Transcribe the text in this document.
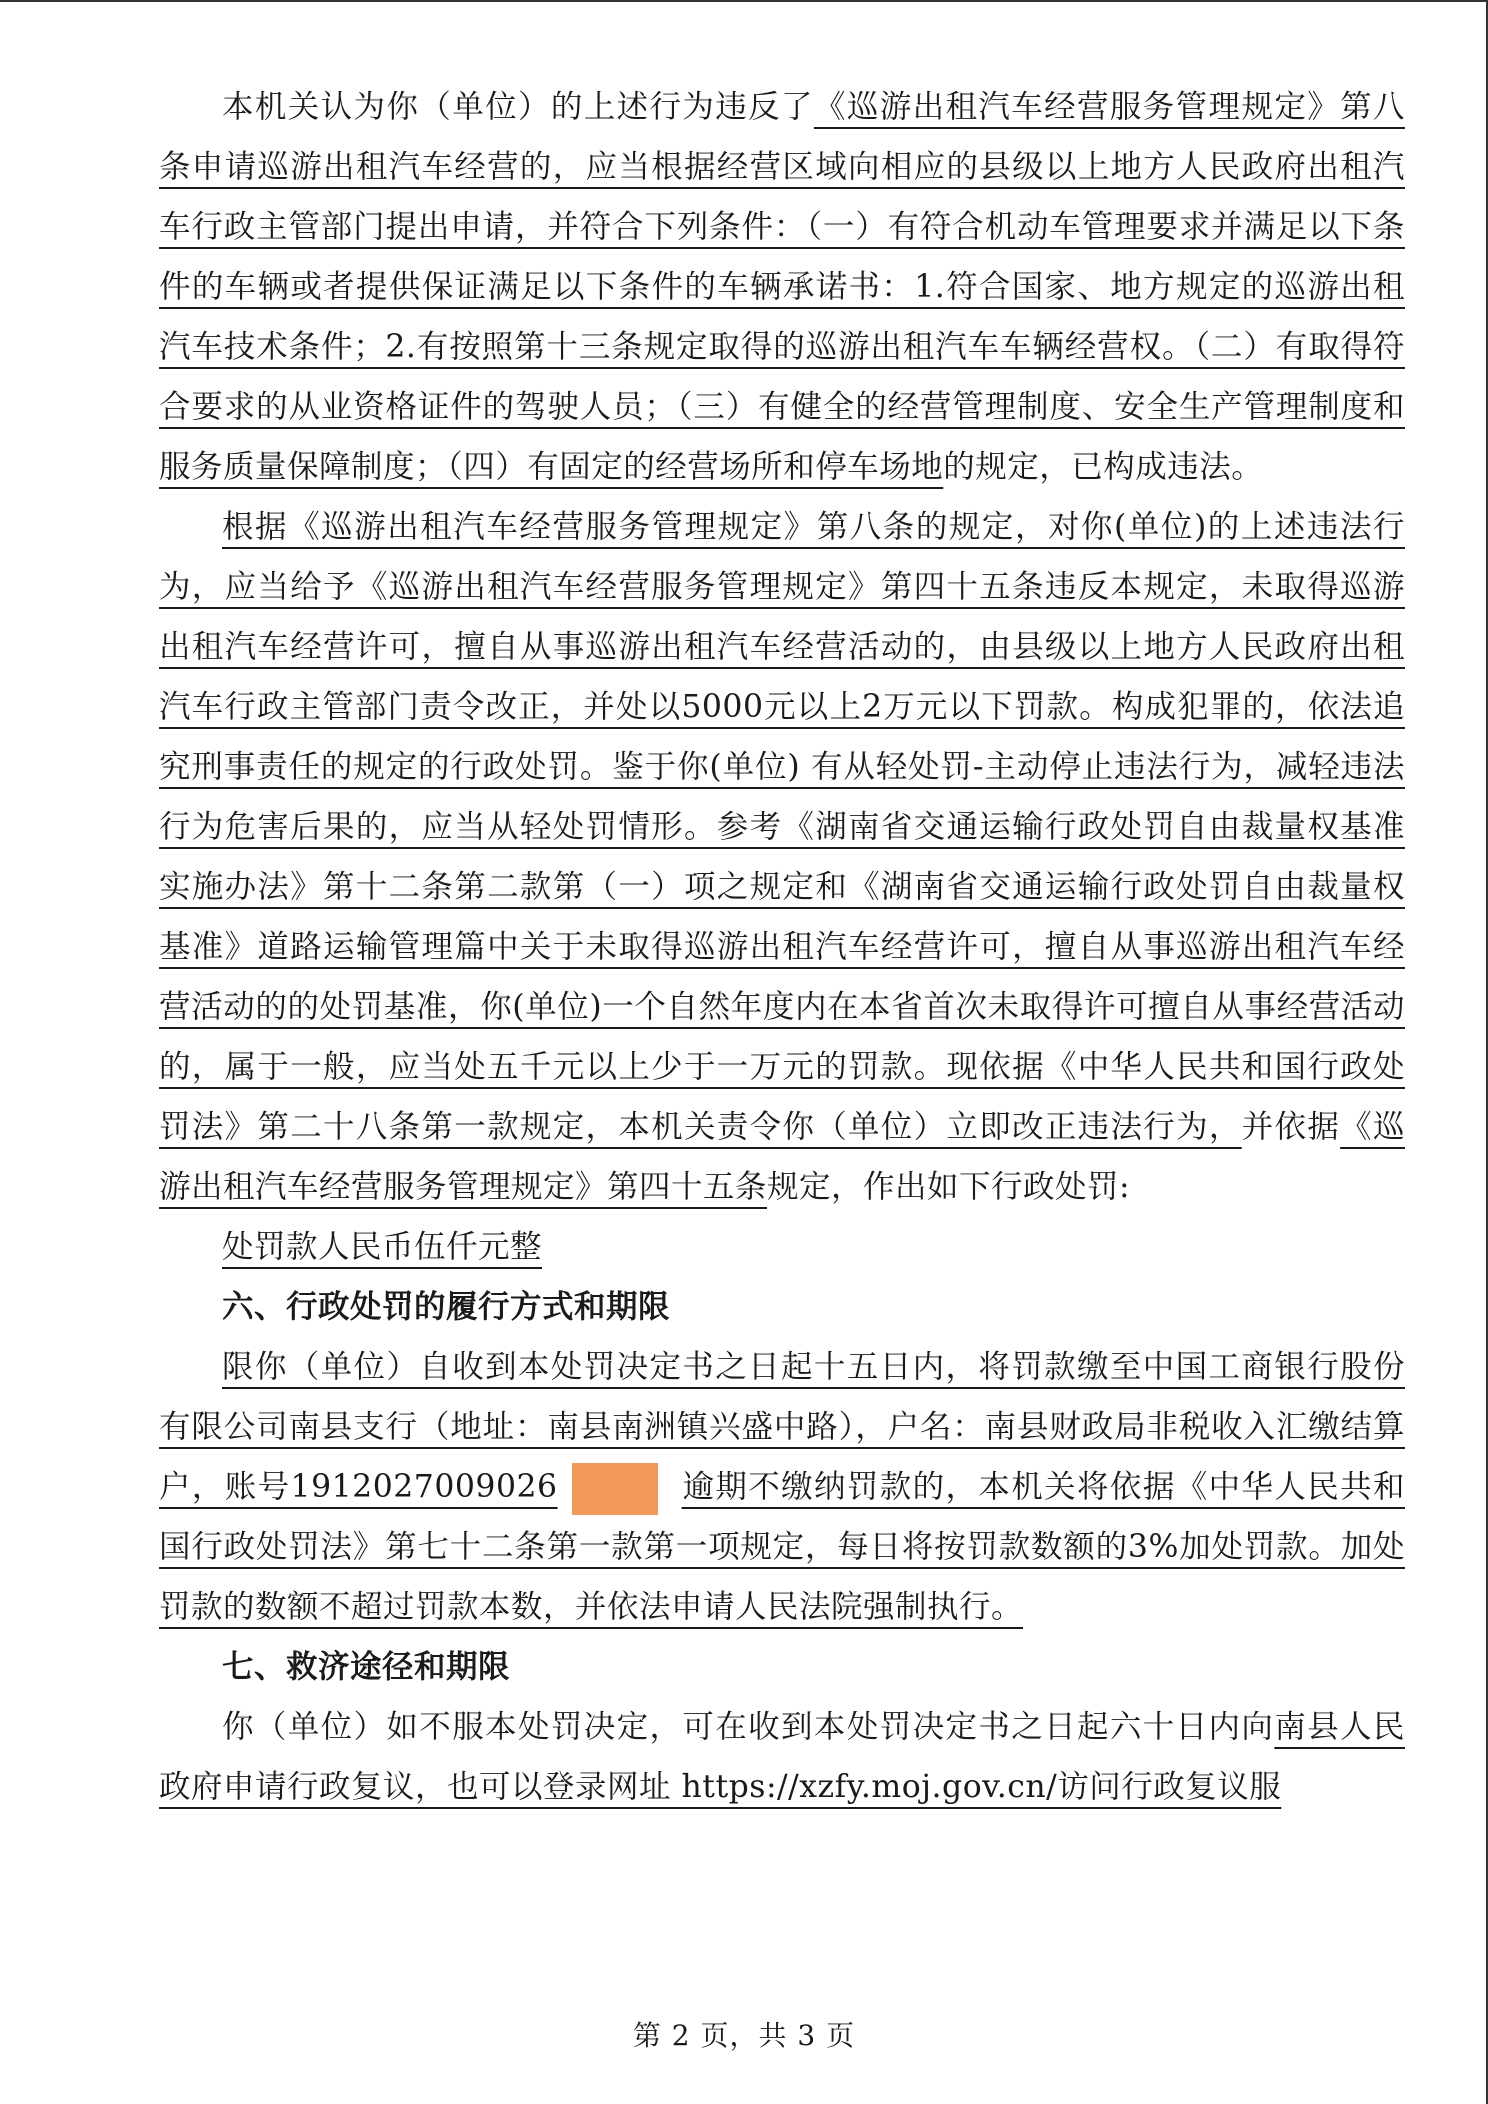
本机关认为你（单位）的上述行为违反了《巡游出租汽车经营服务管理规定》第八条申请巡游出租汽车经营的，应当根据经营区域向相应的县级以上地方人民政府出租汽车行政主管部门提出申请，并符合下列条件：（一）有符合机动车管理要求并满足以下条件的车辆或者提供保证满足以下条件的车辆承诺书：1.符合国家、地方规定的巡游出租汽车技术条件；2.有按照第十三条规定取得的巡游出租汽车车辆经营权。（二）有取得符合要求的从业资格证件的驾驶人员；（三）有健全的经营管理制度、安全生产管理制度和服务质量保障制度；（四）有固定的经营场所和停车场地的规定，已构成违法。

根据《巡游出租汽车经营服务管理规定》第八条的规定，对你(单位)的上述违法行为，应当给予《巡游出租汽车经营服务管理规定》第四十五条违反本规定，未取得巡游出租汽车经营许可，擅自从事巡游出租汽车经营活动的，由县级以上地方人民政府出租汽车行政主管部门责令改正，并处以5000元以上2万元以下罚款。构成犯罪的，依法追究刑事责任的规定的行政处罚。鉴于你(单位) 有从轻处罚-主动停止违法行为，减轻违法行为危害后果的，应当从轻处罚情形。参考《湖南省交通运输行政处罚自由裁量权基准实施办法》第十二条第二款第（一）项之规定和《湖南省交通运输行政处罚自由裁量权基准》道路运输管理篇中关于未取得巡游出租汽车经营许可，擅自从事巡游出租汽车经营活动的的处罚基准，你(单位)一个自然年度内在本省首次未取得许可擅自从事经营活动的，属于一般，应当处五千元以上少于一万元的罚款。现依据《中华人民共和国行政处罚法》第二十八条第一款规定，本机关责令你（单位）立即改正违法行为，并依据《巡游出租汽车经营服务管理规定》第四十五条规定，作出如下行政处罚:

处罚款人民币伍仟元整

六、行政处罚的履行方式和期限

限你（单位）自收到本处罚决定书之日起十五日内，将罚款缴至中国工商银行股份有限公司南县支行（地址：南县南洲镇兴盛中路），户名：南县财政局非税收入汇缴结算户，账号1912027009026	逾期不缴纳罚款的，本机关将依据《中华人民共和国行政处罚法》第七十二条第一款第一项规定，每日将按罚款数额的3%加处罚款。加处罚款的数额不超过罚款本数，并依法申请人民法院强制执行。

七、救济途径和期限

你（单位）如不服本处罚决定，可在收到本处罚决定书之日起六十日内向南县人民政府申请行政复议，也可以登录网址 https://xzfy.moj.gov.cn/访问行政复议服

第 2 页，共 3 页
